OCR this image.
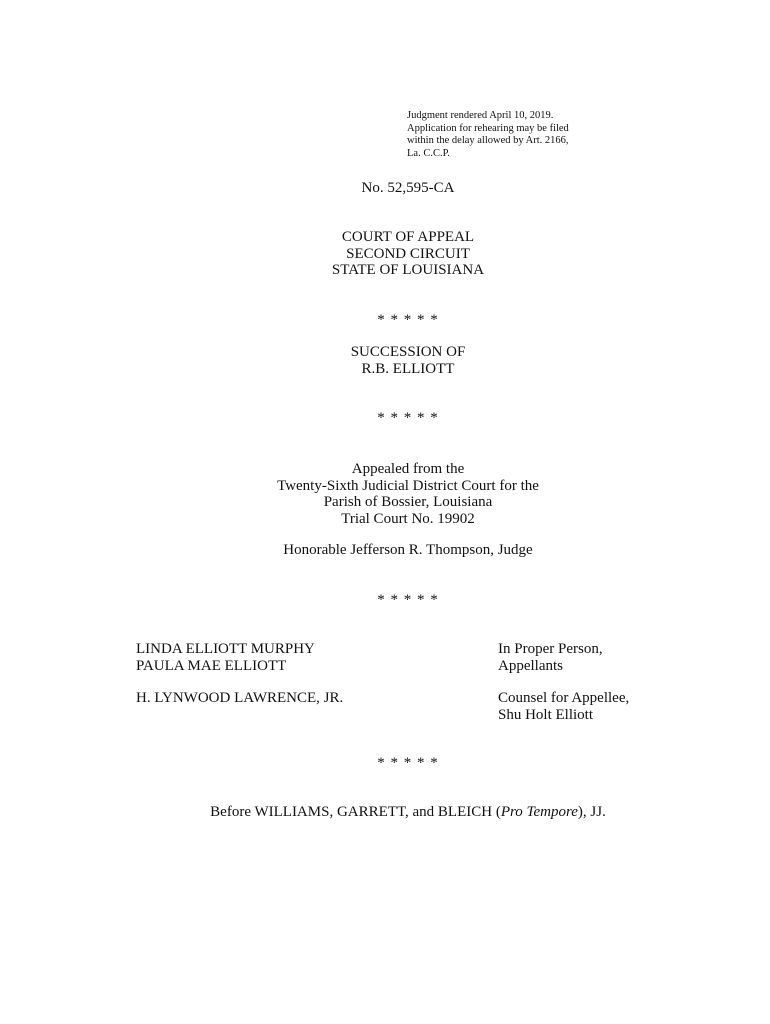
Judgment rendered April 10, 2019.
Application for rehearing may be filed
within the delay allowed by Art. 2166,
La. C.C.P.
No. 52,595-CA
COURT OF APPEAL
SECOND CIRCUIT
STATE OF LOUISIANA
* * * * *
SUCCESSION OF
R.B. ELLIOTT
* * * * *
Appealed from the
Twenty-Sixth Judicial District Court for the
Parish of Bossier, Louisiana
Trial Court No. 19902
Honorable Jefferson R. Thompson, Judge
* * * * *
LINDA ELLIOTT MURPHY
PAULA MAE ELLIOTT
In Proper Person,
Appellants
H. LYNWOOD LAWRENCE, JR.	Counsel for Appellee,
Shu Holt Elliott
* * * * *
Before WILLIAMS, GARRETT, and BLEICH (Pro Tempore), JJ.
